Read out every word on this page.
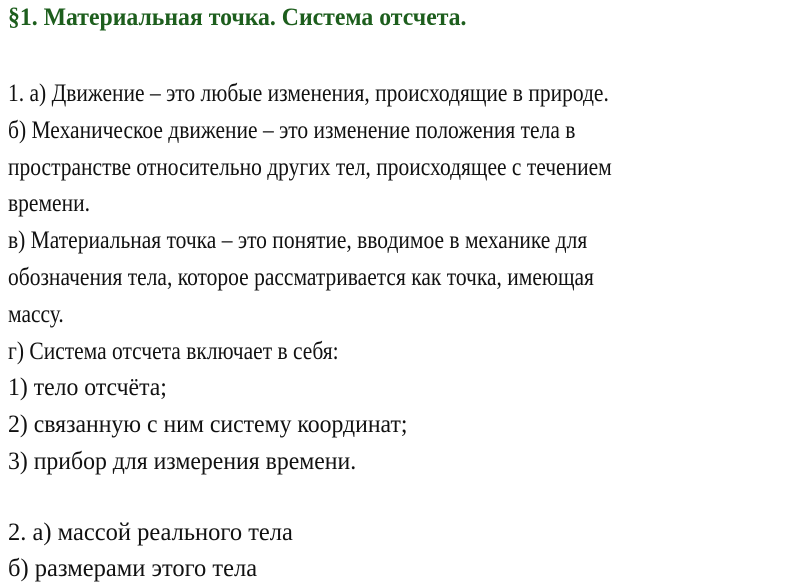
§1. Материальная точка. Система отсчета.
1. а) Движение – это любые изменения, происходящие в природе.
б) Механическое движение – это изменение положения тела в
пространстве относительно других тел, происходящее с течением
времени.
в) Материальная точка – это понятие, вводимое в механике для
обозначения тела, которое рассматривается как точка, имеющая
массу.
г) Система отсчета включает в себя:
1) тело отсчёта;
2) связанную с ним систему координат;
3) прибор для измерения времени.
2. а) массой реального тела
б) размерами этого тела
